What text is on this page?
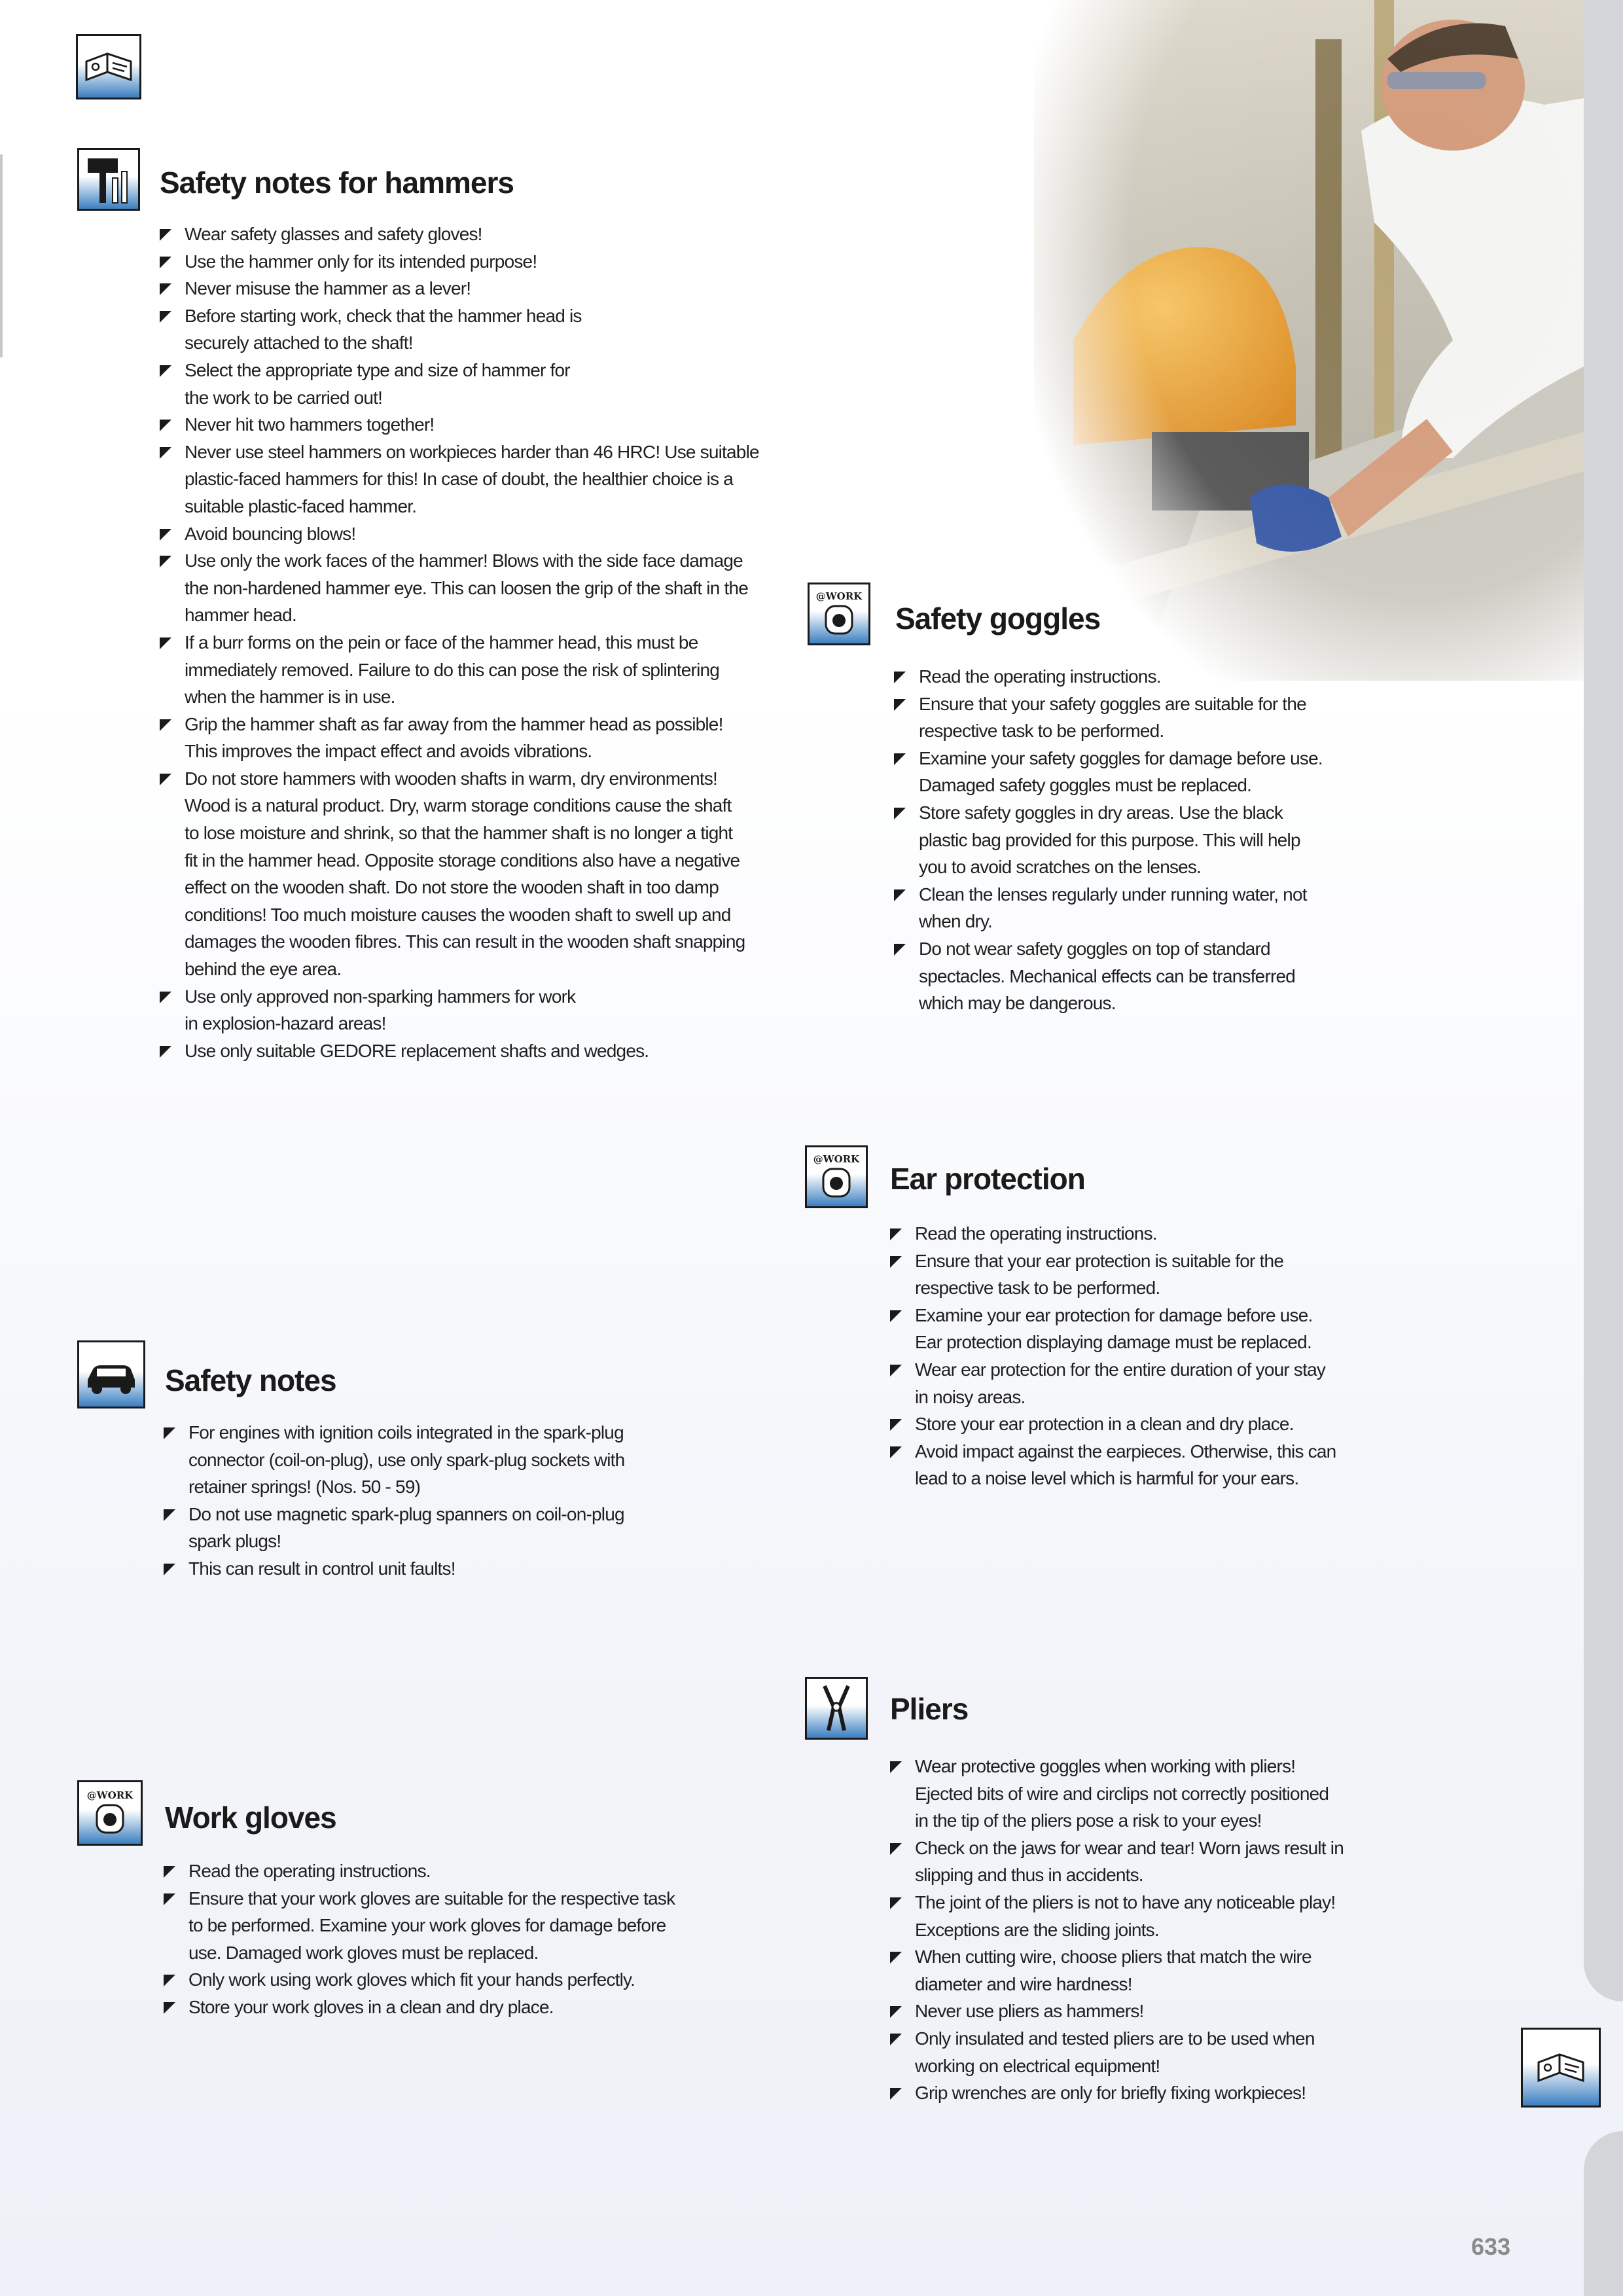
Safety notes for hammers
Wear safety glasses and safety gloves!
Use the hammer only for its intended purpose!
Never misuse the hammer as a lever!
Before starting work, check that the hammer head is
securely attached to the shaft!
Select the appropriate type and size of hammer for
the work to be carried out!
Never hit two hammers together!
Never use steel hammers on workpieces harder than 46 HRC! Use suitable
plastic-faced hammers for this! In case of doubt, the healthier choice is a
suitable plastic-faced hammer.
Avoid bouncing blows!
Use only the work faces of the hammer! Blows with the side face damage
the non-hardened hammer eye. This can loosen the grip of the shaft in the
hammer head.
If a burr forms on the pein or face of the hammer head, this must be
immediately removed. Failure to do this can pose the risk of splintering
when the hammer is in use.
Grip the hammer shaft as far away from the hammer head as possible!
This improves the impact effect and avoids vibrations.
Do not store hammers with wooden shafts in warm, dry environments!
Wood is a natural product. Dry, warm storage conditions cause the shaft
to lose moisture and shrink, so that the hammer shaft is no longer a tight
fit in the hammer head. Opposite storage conditions also have a negative
effect on the wooden shaft. Do not store the wooden shaft in too damp
conditions! Too much moisture causes the wooden shaft to swell up and
damages the wooden fibres. This can result in the wooden shaft snapping
behind the eye area.
Use only approved non-sparking hammers for work
in explosion-hazard areas!
Use only suitable GEDORE replacement shafts and wedges.
@WORK
Safety goggles
Read the operating instructions.
Ensure that your safety goggles are suitable for the
respective task to be performed.
Examine your safety goggles for damage before use.
Damaged safety goggles must be replaced.
Store safety goggles in dry areas. Use the black
plastic bag provided for this purpose. This will help
you to avoid scratches on the lenses.
Clean the lenses regularly under running water, not
when dry.
Do not wear safety goggles on top of standard
spectacles. Mechanical effects can be transferred
which may be dangerous.
@WORK
Ear protection
Read the operating instructions.
Ensure that your ear protection is suitable for the
respective task to be performed.
Examine your ear protection for damage before use.
Ear protection displaying damage must be replaced.
Wear ear protection for the entire duration of your stay
in noisy areas.
Store your ear protection in a clean and dry place.
Avoid impact against the earpieces. Otherwise, this can
lead to a noise level which is harmful for your ears.
Safety notes
For engines with ignition coils integrated in the spark-plug
connector (coil-on-plug), use only spark-plug sockets with
retainer springs! (Nos. 50 - 59)
Do not use magnetic spark-plug spanners on coil-on-plug
spark plugs!
This can result in control unit faults!
Pliers
Wear protective goggles when working with pliers!
Ejected bits of wire and circlips not correctly positioned
in the tip of the pliers pose a risk to your eyes!
Check on the jaws for wear and tear! Worn jaws result in
slipping and thus in accidents.
The joint of the pliers is not to have any noticeable play!
Exceptions are the sliding joints.
When cutting wire, choose pliers that match the wire
diameter and wire hardness!
Never use pliers as hammers!
Only insulated and tested pliers are to be used when
working on electrical equipment!
Grip wrenches are only for briefly fixing workpieces!
@WORK
Work gloves
Read the operating instructions.
Ensure that your work gloves are suitable for the respective task
to be performed. Examine your work gloves for damage before
use. Damaged work gloves must be replaced.
Only work using work gloves which fit your hands perfectly.
Store your work gloves in a clean and dry place.
633
